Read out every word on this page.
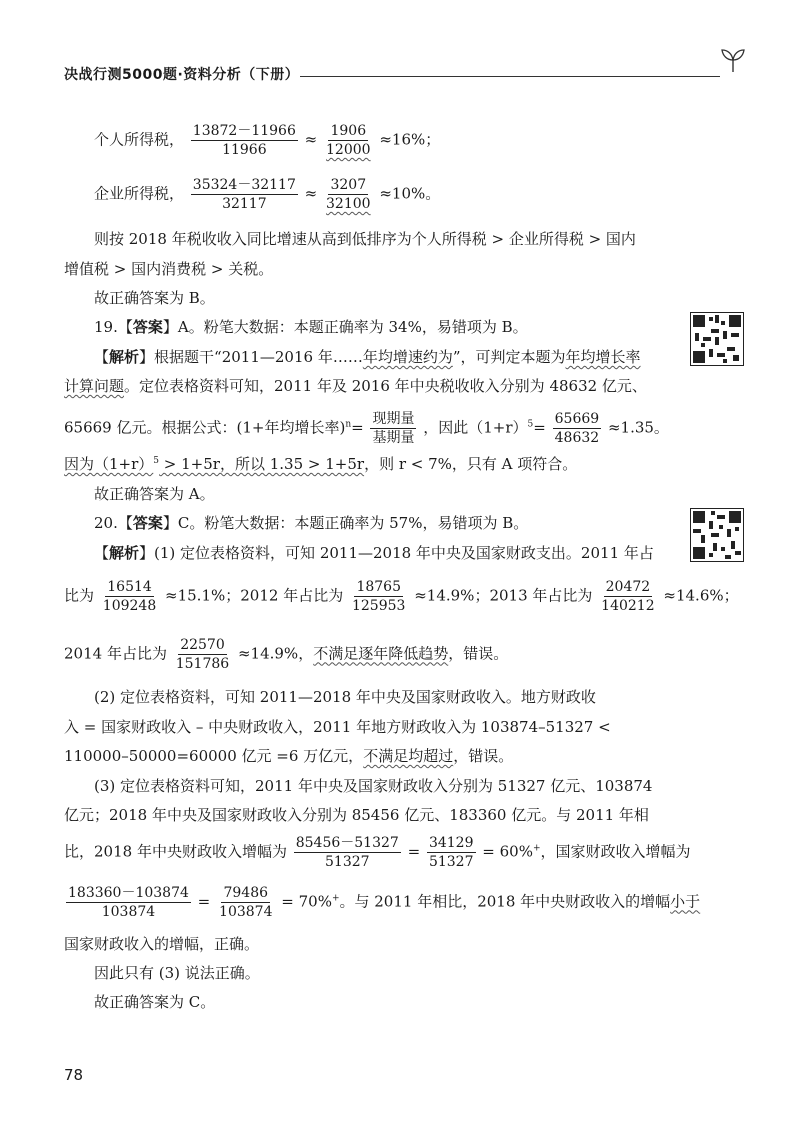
决战行测5000题·资料分析（下册）
个人所得税， $\frac{13872-11966}{11966} \approx \frac{1906}{12000} \approx 16\%$；
企业所得税， $\frac{35324-32117}{32117} \approx \frac{3207}{32100} \approx 10\%$。
则按 2018 年税收收入同比增速从高到低排序为个人所得税 > 企业所得税 > 国内
增值税 > 国内消费税 > 关税。
故正确答案为 B。
19.【答案】A。粉笔大数据：本题正确率为 34%，易错项为 B。
【解析】根据题干“2011—2016 年……年均增速约为”，可判定本题为年均增长率
计算问题。定位表格资料可知，2011 年及 2016 年中央税收收入分别为 48632 亿元、
65669 亿元。根据公式：(1+年均增长率)$^n= \frac{\text{现期量}}{\text{基期量}}$ ，因此$(1+r)^5= \frac{65669}{48632} \approx 1.35$。
因为$(1+r)^5 > 1+5r$，所以 1.35 > 1+5r，则 r < 7%，只有 A 项符合。
故正确答案为 A。
20.【答案】C。粉笔大数据：本题正确率为 57%，易错项为 B。
【解析】(1) 定位表格资料，可知 2011—2018 年中央及国家财政支出。2011 年占
比为 $\frac{16514}{109248} \approx 15.1\%$；2012 年占比为 $\frac{18765}{125953} \approx 14.9\%$；2013 年占比为 $\frac{20472}{140212} \approx 14.6\%$；
2014 年占比为 $\frac{22570}{151786} \approx 14.9\%$，不满足逐年降低趋势，错误。
(2) 定位表格资料，可知 2011—2018 年中央及国家财政收入。地方财政收
入 = 国家财政收入 – 中央财政收入，2011 年地方财政收入为 103874–51327 <
110000–50000=60000 亿元 =6 万亿元，不满足均超过，错误。
(3) 定位表格资料可知，2011 年中央及国家财政收入分别为 51327 亿元、103874
亿元；2018 年中央及国家财政收入分别为 85456 亿元、183360 亿元。与 2011 年相
比，2018 年中央财政收入增幅为 $\frac{85456-51327}{51327} = \frac{34129}{51327} = 60\%^+$，国家财政收入增幅为
$\frac{183360-103874}{103874} = \frac{79486}{103874} = 70\%^+$。与 2011 年相比，2018 年中央财政收入的增幅小于
国家财政收入的增幅，正确。
因此只有 (3) 说法正确。
故正确答案为 C。
78
